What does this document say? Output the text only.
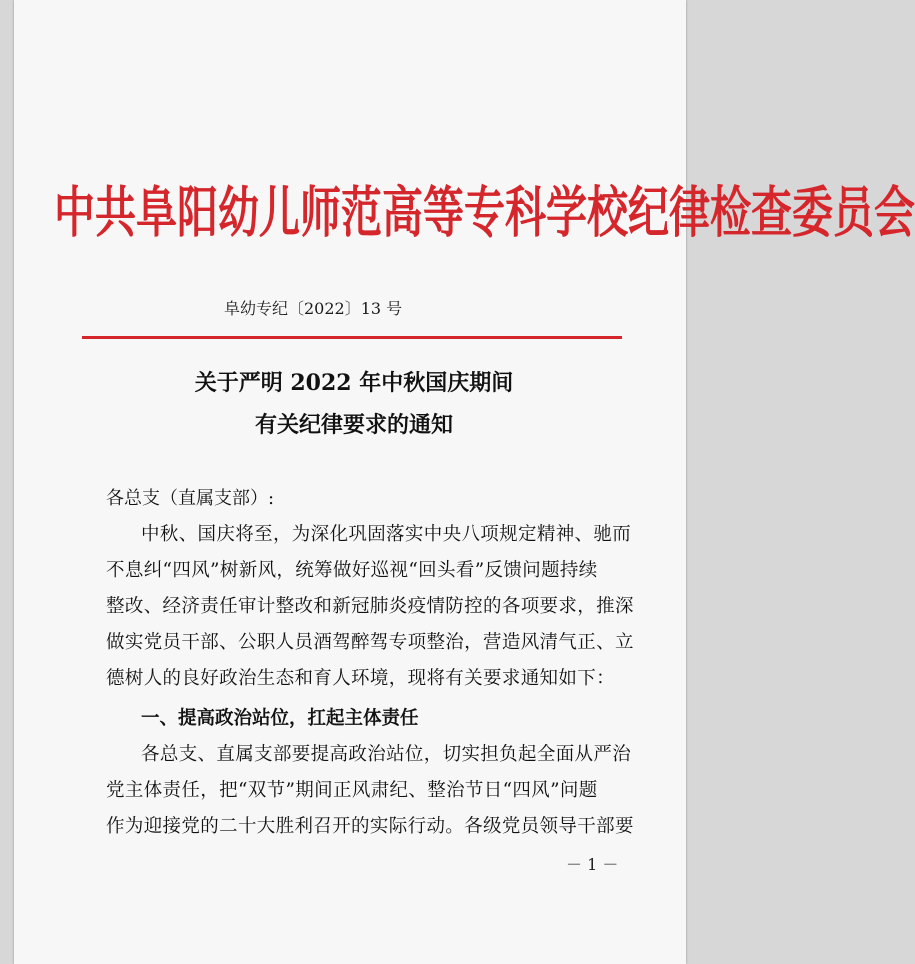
中共阜阳幼儿师范高等专科学校纪律检查委员会
阜幼专纪〔2022〕13 号
关于严明 2022 年中秋国庆期间
有关纪律要求的通知
各总支（直属支部）:
中秋、国庆将至，为深化巩固落实中央八项规定精神、驰而
不息纠“四风”树新风，统筹做好巡视“回头看”反馈问题持续
整改、经济责任审计整改和新冠肺炎疫情防控的各项要求，推深
做实党员干部、公职人员酒驾醉驾专项整治，营造风清气正、立
德树人的良好政治生态和育人环境，现将有关要求通知如下：
一、提高政治站位，扛起主体责任
各总支、直属支部要提高政治站位，切实担负起全面从严治
党主体责任，把“双节”期间正风肃纪、整治节日“四风”问题
作为迎接党的二十大胜利召开的实际行动。各级党员领导干部要
－ 1 －
